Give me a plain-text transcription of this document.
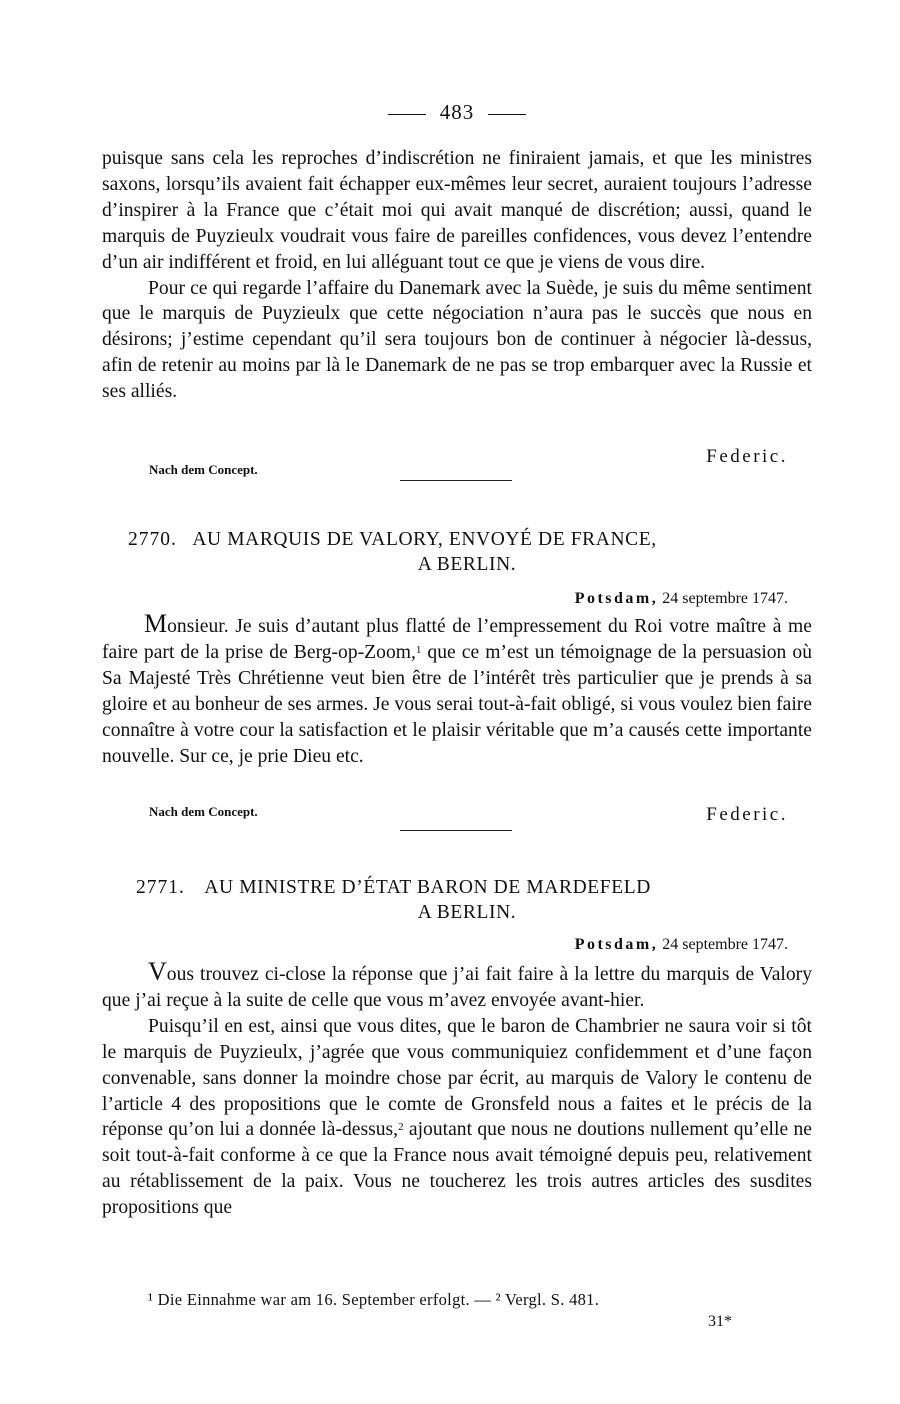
483

puisque sans cela les reproches d’indiscrétion ne finiraient jamais, et que les ministres saxons, lorsqu’ils avaient fait échapper eux-mêmes leur secret, auraient toujours l’adresse d’inspirer à la France que c’était moi qui avait manqué de discrétion; aussi, quand le marquis de Puyzieulx voudrait vous faire de pareilles confidences, vous devez l’entendre d’un air indifférent et froid, en lui alléguant tout ce que je viens de vous dire.

Pour ce qui regarde l’affaire du Danemark avec la Suède, je suis du même sentiment que le marquis de Puyzieulx que cette négociation n’aura pas le succès que nous en désirons; j’estime cependant qu’il sera toujours bon de continuer à négocier là-dessus, afin de retenir au moins par là le Danemark de ne pas se trop embarquer avec la Russie et ses alliés.

Nach dem Concept.
Federic.
2770. AU MARQUIS DE VALORY, ENVOYÉ DE FRANCE,
A BERLIN.
Potsdam, 24 septembre 1747.

Monsieur. Je suis d’autant plus flatté de l’empressement du Roi votre maître à me faire part de la prise de Berg-op-Zoom,$^1$ que ce m’est un témoignage de la persuasion où Sa Majesté Très Chrétienne veut bien être de l’intérêt très particulier que je prends à sa gloire et au bonheur de ses armes. Je vous serai tout-à-fait obligé, si vous voulez bien faire connaître à votre cour la satisfaction et le plaisir véritable que m’a causés cette importante nouvelle. Sur ce, je prie Dieu etc.

Nach dem Concept.	Federic.
2771. AU MINISTRE D’ÉTAT BARON DE MARDEFELD
A BERLIN.
Potsdam, 24 septembre 1747.

Vous trouvez ci-close la réponse que j’ai fait faire à la lettre du marquis de Valory que j’ai reçue à la suite de celle que vous m’avez envoyée avant-hier.

Puisqu’il en est, ainsi que vous dites, que le baron de Chambrier ne saura voir si tôt le marquis de Puyzieulx, j’agrée que vous communiquiez confidemment et d’une façon convenable, sans donner la moindre chose par écrit, au marquis de Valory le contenu de l’article 4 des propositions que le comte de Gronsfeld nous a faites et le précis de la réponse qu’on lui a donnée là-dessus,$^2$ ajoutant que nous ne doutions nullement qu’elle ne soit tout-à-fait conforme à ce que la France nous avait témoigné depuis peu, relativement au rétablissement de la paix. Vous ne toucherez les trois autres articles des susdites propositions que

¹ Die Einnahme war am 16. September erfolgt. — ² Vergl. S. 481.
31*
